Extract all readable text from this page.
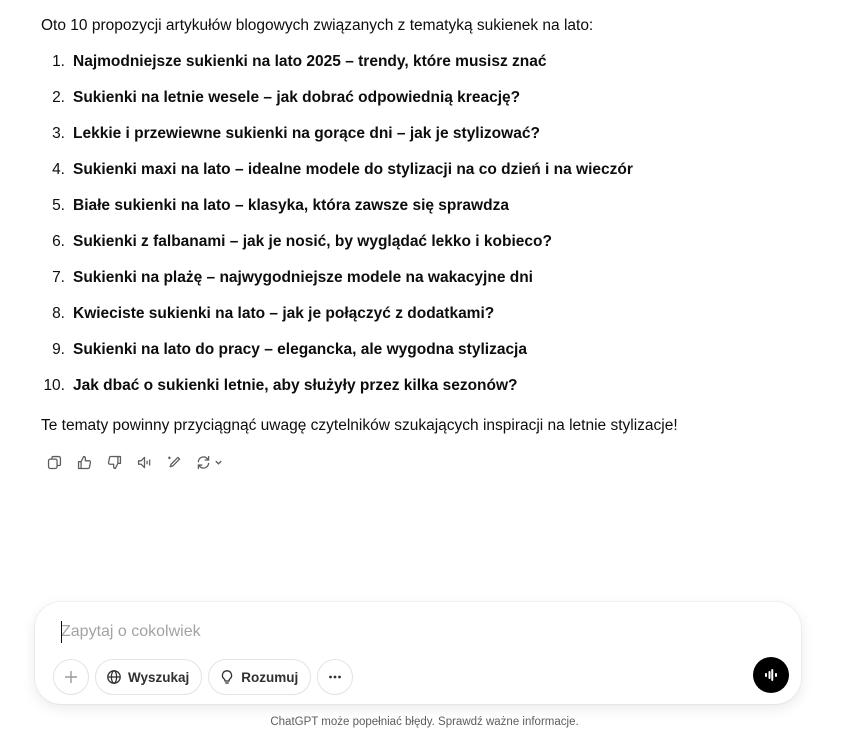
Oto 10 propozycji artykułów blogowych związanych z tematyką sukienek na lato:

1. Najmodniejsze sukienki na lato 2025 – trendy, które musisz znać
2. Sukienki na letnie wesele – jak dobrać odpowiednią kreację?
3. Lekkie i przewiewne sukienki na gorące dni – jak je stylizować?
4. Sukienki maxi na lato – idealne modele do stylizacji na co dzień i na wieczór
5. Białe sukienki na lato – klasyka, która zawsze się sprawdza
6. Sukienki z falbanami – jak je nosić, by wyglądać lekko i kobieco?
7. Sukienki na plażę – najwygodniejsze modele na wakacyjne dni
8. Kwieciste sukienki na lato – jak je połączyć z dodatkami?
9. Sukienki na lato do pracy – elegancka, ale wygodna stylizacja
10. Jak dbać o sukienki letnie, aby służyły przez kilka sezonów?

Te tematy powinny przyciągnąć uwagę czytelników szukających inspiracji na letnie stylizacje!

Zapytaj o cokolwiek
Wyszukaj	Rozumuj
ChatGPT może popełniać błędy. Sprawdź ważne informacje.
